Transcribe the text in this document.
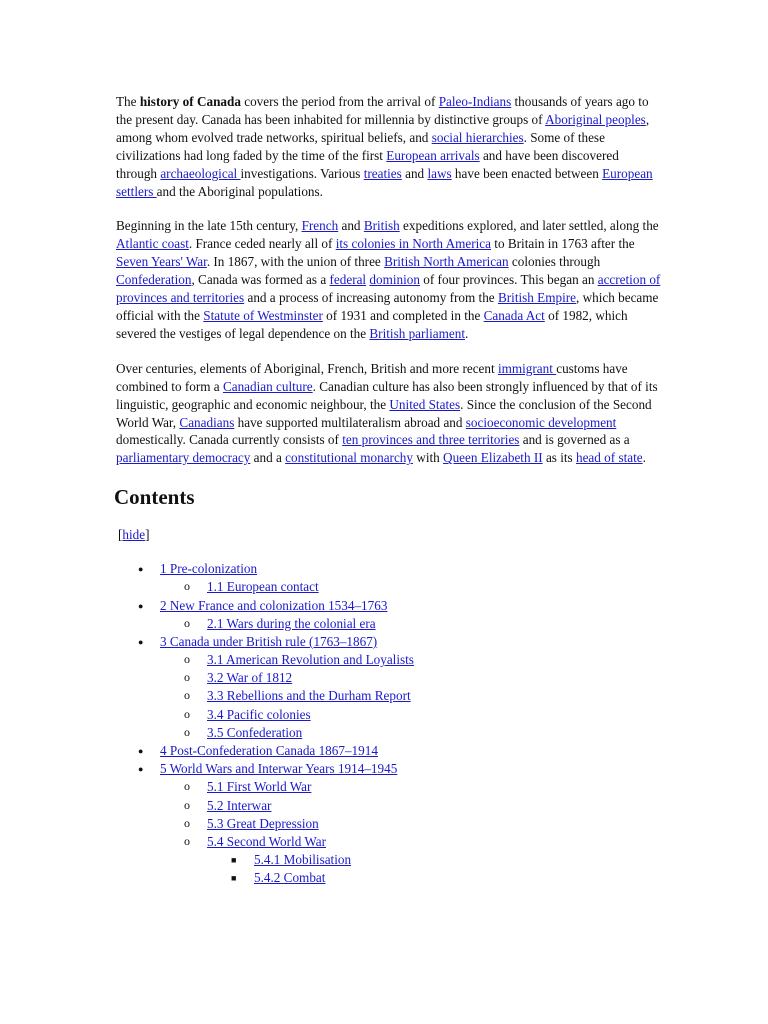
The history of Canada covers the period from the arrival of Paleo-Indians thousands of years ago to the present day. Canada has been inhabited for millennia by distinctive groups of Aboriginal peoples, among whom evolved trade networks, spiritual beliefs, and social hierarchies. Some of these civilizations had long faded by the time of the first European arrivals and have been discovered through archaeological investigations. Various treaties and laws have been enacted between European settlers and the Aboriginal populations.

Beginning in the late 15th century, French and British expeditions explored, and later settled, along the Atlantic coast. France ceded nearly all of its colonies in North America to Britain in 1763 after the Seven Years' War. In 1867, with the union of three British North American colonies through Confederation, Canada was formed as a federal dominion of four provinces. This began an accretion of provinces and territories and a process of increasing autonomy from the British Empire, which became official with the Statute of Westminster of 1931 and completed in the Canada Act of 1982, which severed the vestiges of legal dependence on the British parliament.

Over centuries, elements of Aboriginal, French, British and more recent immigrant customs have combined to form a Canadian culture. Canadian culture has also been strongly influenced by that of its linguistic, geographic and economic neighbour, the United States. Since the conclusion of the Second World War, Canadians have supported multilateralism abroad and socioeconomic development domestically. Canada currently consists of ten provinces and three territories and is governed as a parliamentary democracy and a constitutional monarchy with Queen Elizabeth II as its head of state.

Contents
[hide]
● 1 Pre-colonization
o 1.1 European contact
● 2 New France and colonization 1534–1763
o 2.1 Wars during the colonial era
● 3 Canada under British rule (1763–1867)
o 3.1 American Revolution and Loyalists
o 3.2 War of 1812
o 3.3 Rebellions and the Durham Report
o 3.4 Pacific colonies
o 3.5 Confederation
● 4 Post-Confederation Canada 1867–1914
● 5 World Wars and Interwar Years 1914–1945
o 5.1 First World War
o 5.2 Interwar
o 5.3 Great Depression
o 5.4 Second World War
■ 5.4.1 Mobilisation
■ 5.4.2 Combat
